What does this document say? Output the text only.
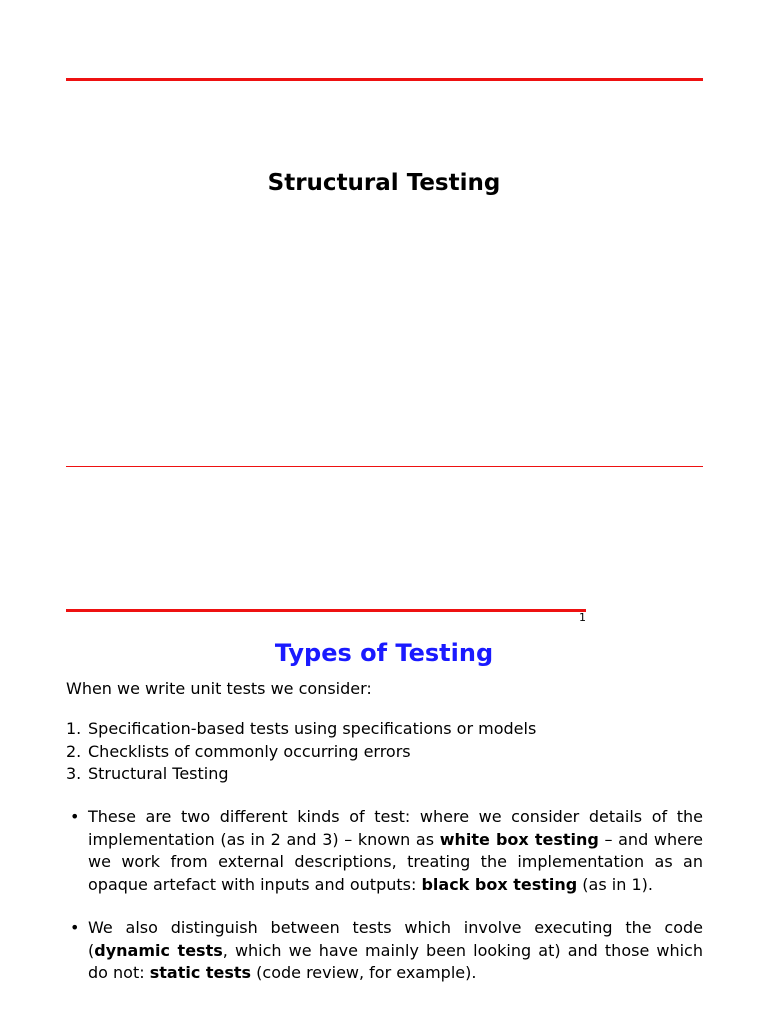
Structural Testing
1
Types of Testing
When we write unit tests we consider:
1. Specification-based tests using specifications or models
2. Checklists of commonly occurring errors
3. Structural Testing
• These are two different kinds of test: where we consider details of the implementation (as in 2 and 3) – known as white box testing – and where we work from external descriptions, treating the implementation as an opaque artefact with inputs and outputs: black box testing (as in 1).
• We also distinguish between tests which involve executing the code (dynamic tests, which we have mainly been looking at) and those which do not: static tests (code review, for example).
